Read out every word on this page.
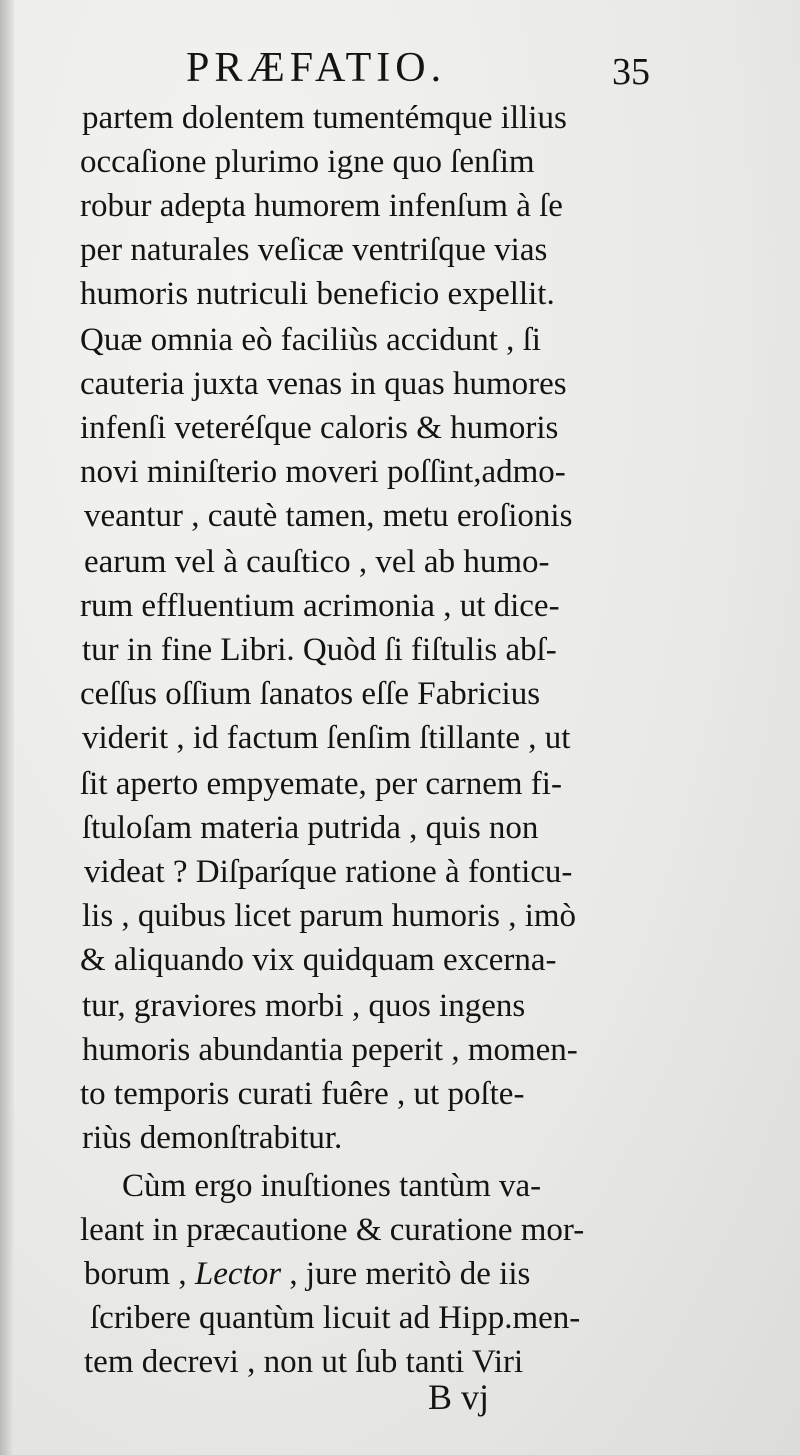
PRÆFATIO.	35
partem dolentem tumentémque illius
occaſione plurimo igne quo ſenſim
robur adepta humorem infenſum à ſe
per naturales veſicæ ventriſque vias
humoris nutriculi beneficio expellit.
Quæ omnia eò faciliùs accidunt , ſi
cauteria juxta venas in quas humores
infenſi veteréſque caloris & humoris
novi miniſterio moveri poſſint,admo-
veantur , cautè tamen, metu eroſionis
earum vel à cauſtico , vel ab humo-
rum effluentium acrimonia , ut dice-
tur in fine Libri. Quòd ſi fiſtulis abſ-
ceſſus oſſium ſanatos eſſe Fabricius
viderit , id factum ſenſim ſtillante , ut
ſit aperto empyemate, per carnem fi-
ſtuloſam materia putrida , quis non
videat ? Diſparíque ratione à fonticu-
lis , quibus licet parum humoris , imò
& aliquando vix quidquam excerna-
tur, graviores morbi , quos ingens
humoris abundantia peperit , momen-
to temporis curati fuêre , ut poſte-
riùs demonſtrabitur.
Cùm ergo inuſtiones tantùm va-
leant in præcautione & curatione mor-
borum , Lector , jure meritò de iis
ſcribere quantùm licuit ad Hipp.men-
tem decrevi , non ut ſub tanti Viri
B vj
